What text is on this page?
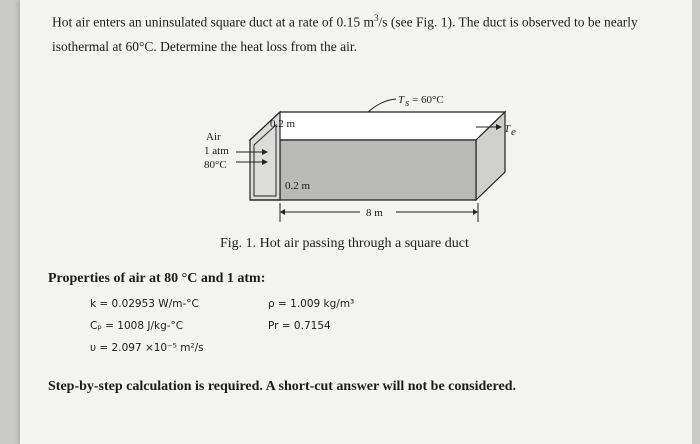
Hot air enters an uninsulated square duct at a rate of 0.15 $m^3/s$ (see Fig. 1). The duct is observed to be nearly isothermal at 60°C. Determine the heat loss from the air.

Air
1 atm
80°C
0.2 m
0.2 m
T s = 60°C
T e
8 m

Fig. 1. Hot air passing through a square duct

Properties of air at 80 °C and 1 atm:

k = 0.02953 W/m-°C

Cₚ = 1008 J/kg-°C

υ = 2.097 ×10⁻⁵ m²/s

ρ = 1.009 kg/m³

Pr = 0.7154

Step-by-step calculation is required. A short-cut answer will not be considered.
